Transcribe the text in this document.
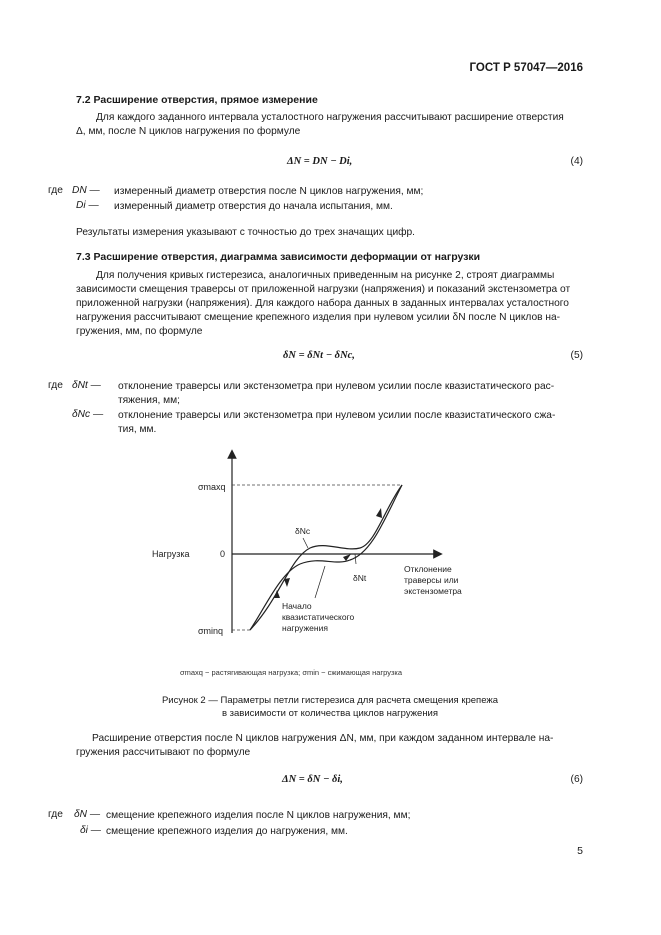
ГОСТ Р 57047—2016
7.2 Расширение отверстия, прямое измерение
Для каждого заданного интервала усталостного нагружения рассчитывают расширение отверстия
Δ, мм, после N циклов нагружения по формуле
ΔN = DN − Di,	(4)
где DN — измеренный диаметр отверстия после N циклов нагружения, мм;
Di — измеренный диаметр отверстия до начала испытания, мм.
Результаты измерения указывают с точностью до трех значащих цифр.
7.3 Расширение отверстия, диаграмма зависимости деформации от нагрузки
Для получения кривых гистерезиса, аналогичных приведенным на рисунке 2, строят диаграммы
зависимости смещения траверсы от приложенной нагрузки (напряжения) и показаний экстензометра от
приложенной нагрузки (напряжения). Для каждого набора данных в заданных интервалах усталостного
нагружения рассчитывают смещение крепежного изделия при нулевом усилии δN после N циклов на-
гружения, мм, по формуле
δN = δNt − δNc,	(5)
где δNt — отклонение траверсы или экстензометра при нулевом усилии после квазистатического рас-
тяжения, мм;
δNc — отклонение траверсы или экстензометра при нулевом усилии после квазистатического сжа-
тия, мм.
σmaxq
σminq
Нагрузка	0
δNc
δNt
Отклонение
траверсы или
экстензометра
Начало
квазистатического
нагружения
σmaxq − растягивающая нагрузка; σmin − сжимающая нагрузка
Рисунок 2 — Параметры петли гистерезиса для расчета смещения крепежа
в зависимости от количества циклов нагружения
Расширение отверстия после N циклов нагружения ΔN, мм, при каждом заданном интервале на-
гружения рассчитывают по формуле
ΔN = δN − δi,	(6)
где δN — смещение крепежного изделия после N циклов нагружения, мм;
δi — смещение крепежного изделия до нагружения, мм.
5
